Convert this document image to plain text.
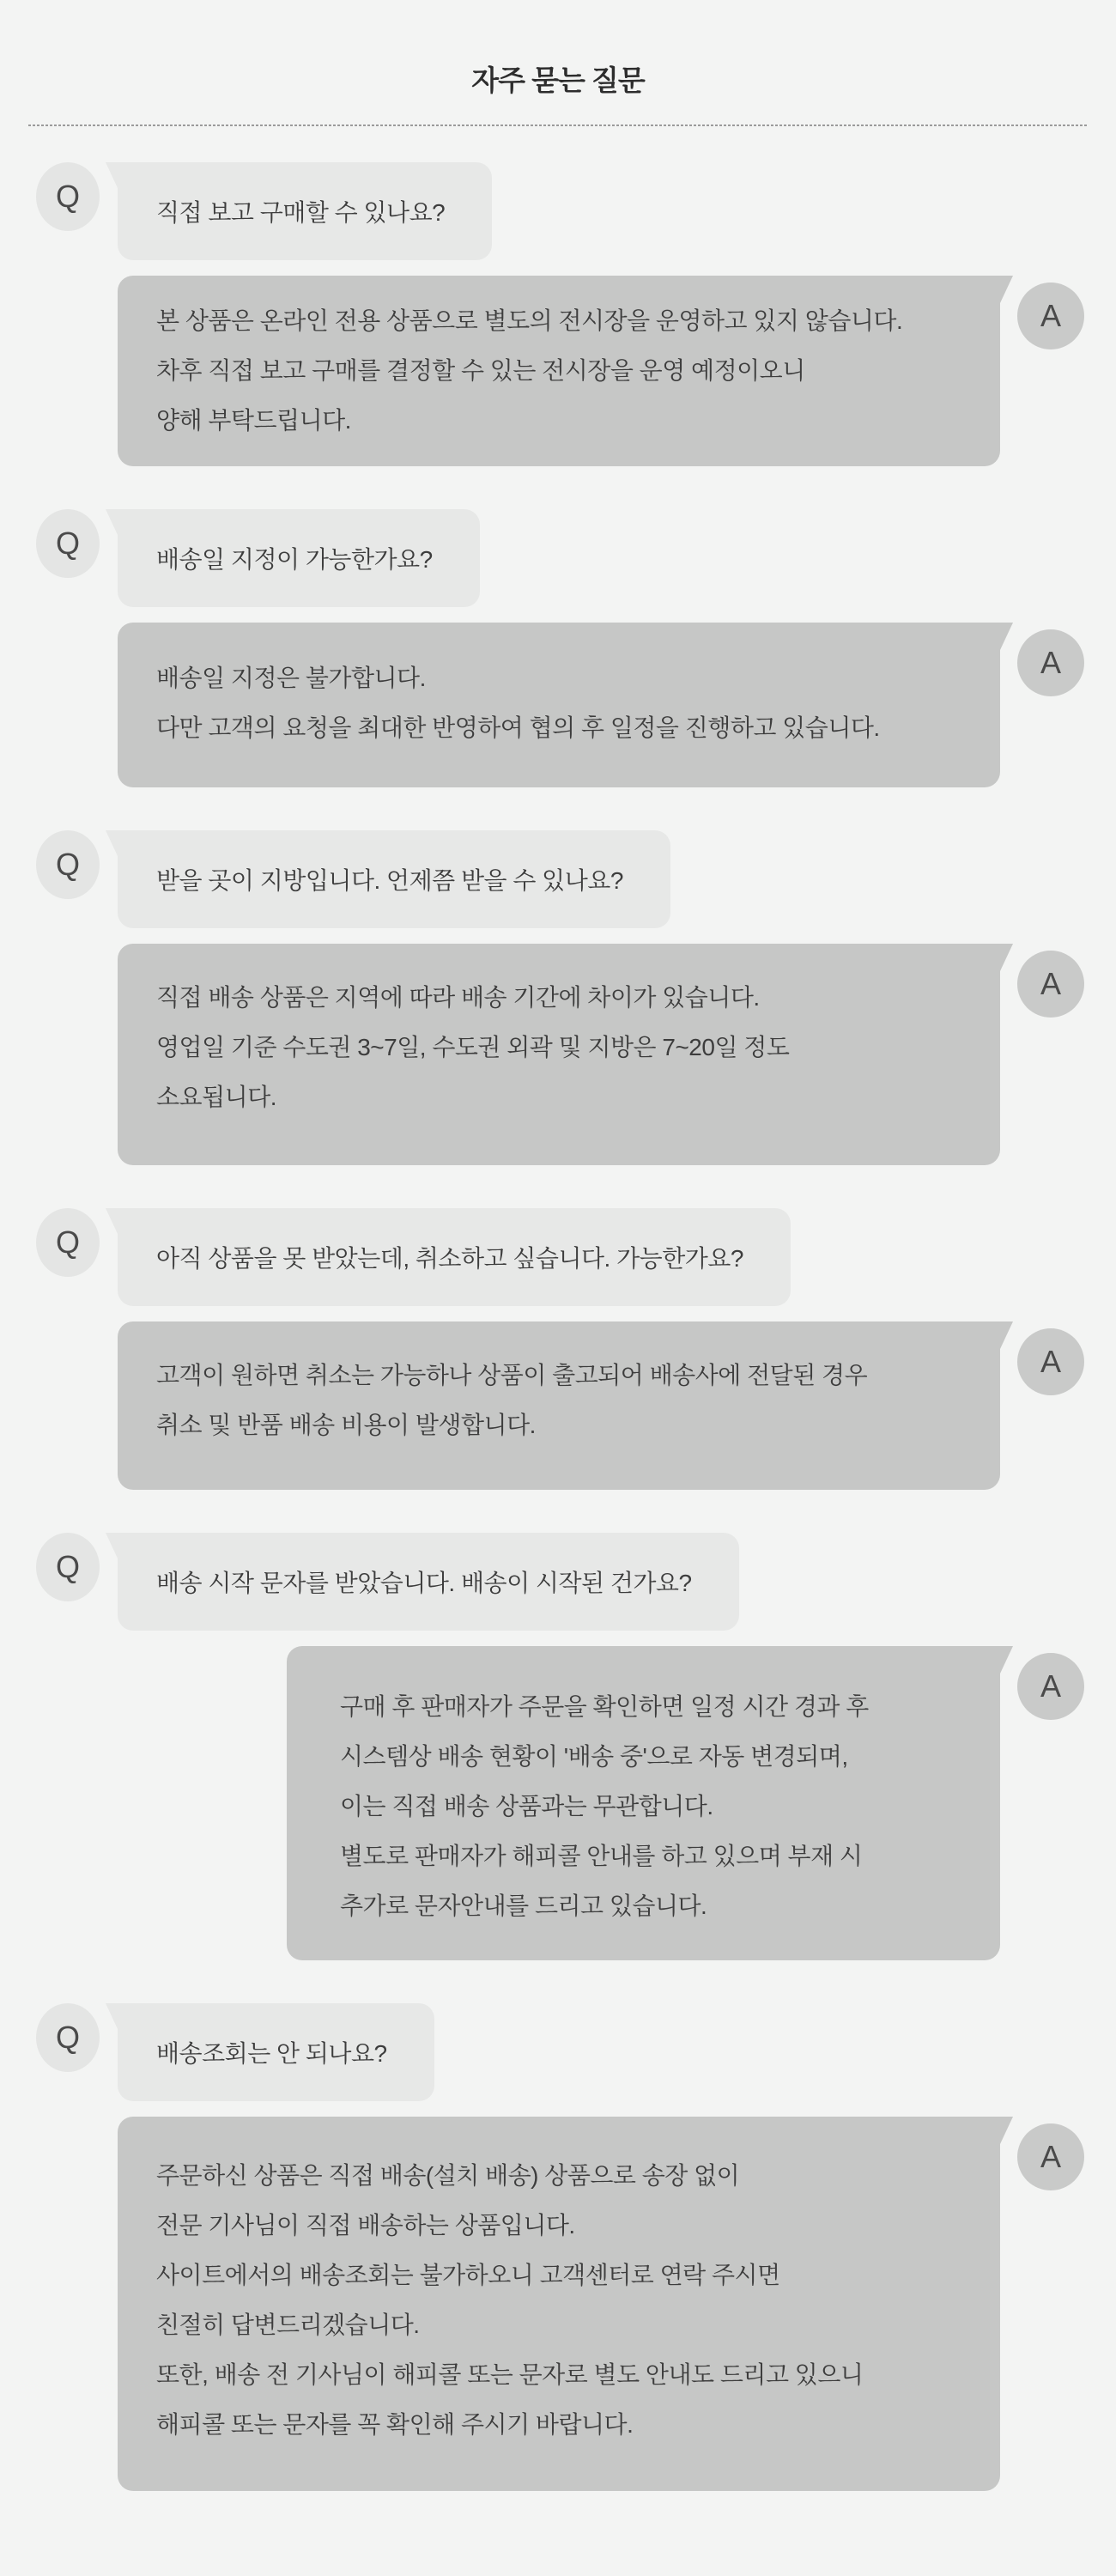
자주 묻는 질문
Q	직접 보고 구매할 수 있나요?
본 상품은 온라인 전용 상품으로 별도의 전시장을 운영하고 있지 않습니다.
차후 직접 보고 구매를 결정할 수 있는 전시장을 운영 예정이오니
양해 부탁드립니다.
A
Q	배송일 지정이 가능한가요?
배송일 지정은 불가합니다.
다만 고객의 요청을 최대한 반영하여 협의 후 일정을 진행하고 있습니다.
A
Q	받을 곳이 지방입니다. 언제쯤 받을 수 있나요?
직접 배송 상품은 지역에 따라 배송 기간에 차이가 있습니다.
영업일 기준 수도권 3~7일, 수도권 외곽 및 지방은 7~20일 정도
소요됩니다.
A
Q	아직 상품을 못 받았는데, 취소하고 싶습니다. 가능한가요?
고객이 원하면 취소는 가능하나 상품이 출고되어 배송사에 전달된 경우
취소 및 반품 배송 비용이 발생합니다.
A
Q	배송 시작 문자를 받았습니다. 배송이 시작된 건가요?
구매 후 판매자가 주문을 확인하면 일정 시간 경과 후
시스템상 배송 현황이 '배송 중'으로 자동 변경되며,
이는 직접 배송 상품과는 무관합니다.
별도로 판매자가 해피콜 안내를 하고 있으며 부재 시
추가로 문자안내를 드리고 있습니다.
A
Q	배송조회는 안 되나요?
주문하신 상품은 직접 배송(설치 배송) 상품으로 송장 없이
전문 기사님이 직접 배송하는 상품입니다.
사이트에서의 배송조회는 불가하오니 고객센터로 연락 주시면
친절히 답변드리겠습니다.
또한, 배송 전 기사님이 해피콜 또는 문자로 별도 안내도 드리고 있으니
해피콜 또는 문자를 꼭 확인해 주시기 바랍니다.
A
